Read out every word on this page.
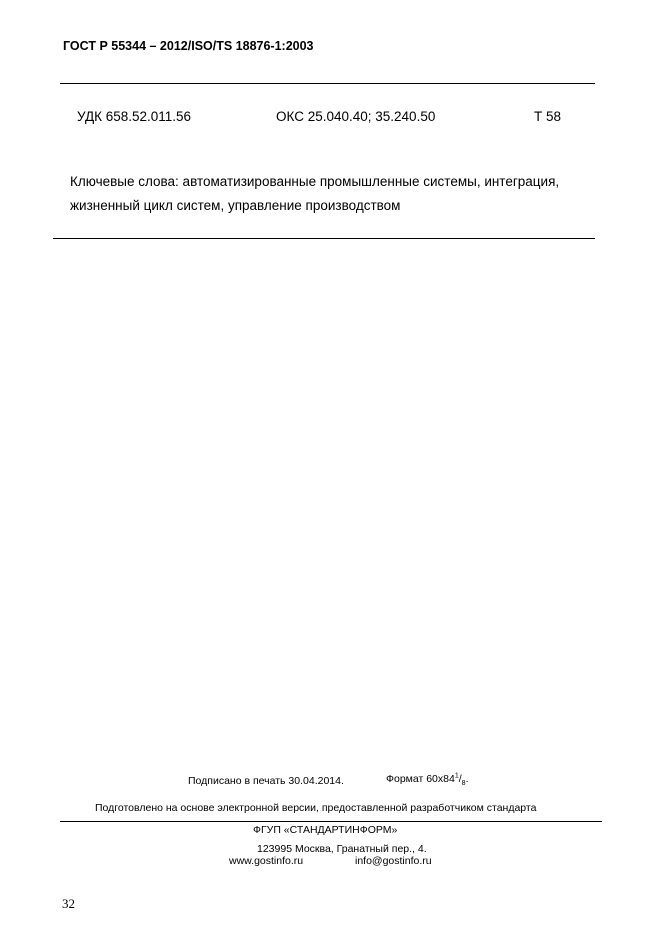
ГОСТ Р 55344 – 2012/ISO/TS 18876-1:2003
УДК 658.52.011.56	ОКС 25.040.40; 35.240.50	Т 58
Ключевые слова: автоматизированные промышленные системы, интеграция,
жизненный цикл систем, управление производством
Подписано в печать 30.04.2014.	Формат $60x84^1/_8$.
Подготовлено на основе электронной версии, предоставленной разработчиком стандарта
ФГУП «СТАНДАРТИНФОРМ»
123995 Москва, Гранатный пер., 4.
www.gostinfo.ru	info@gostinfo.ru
32
